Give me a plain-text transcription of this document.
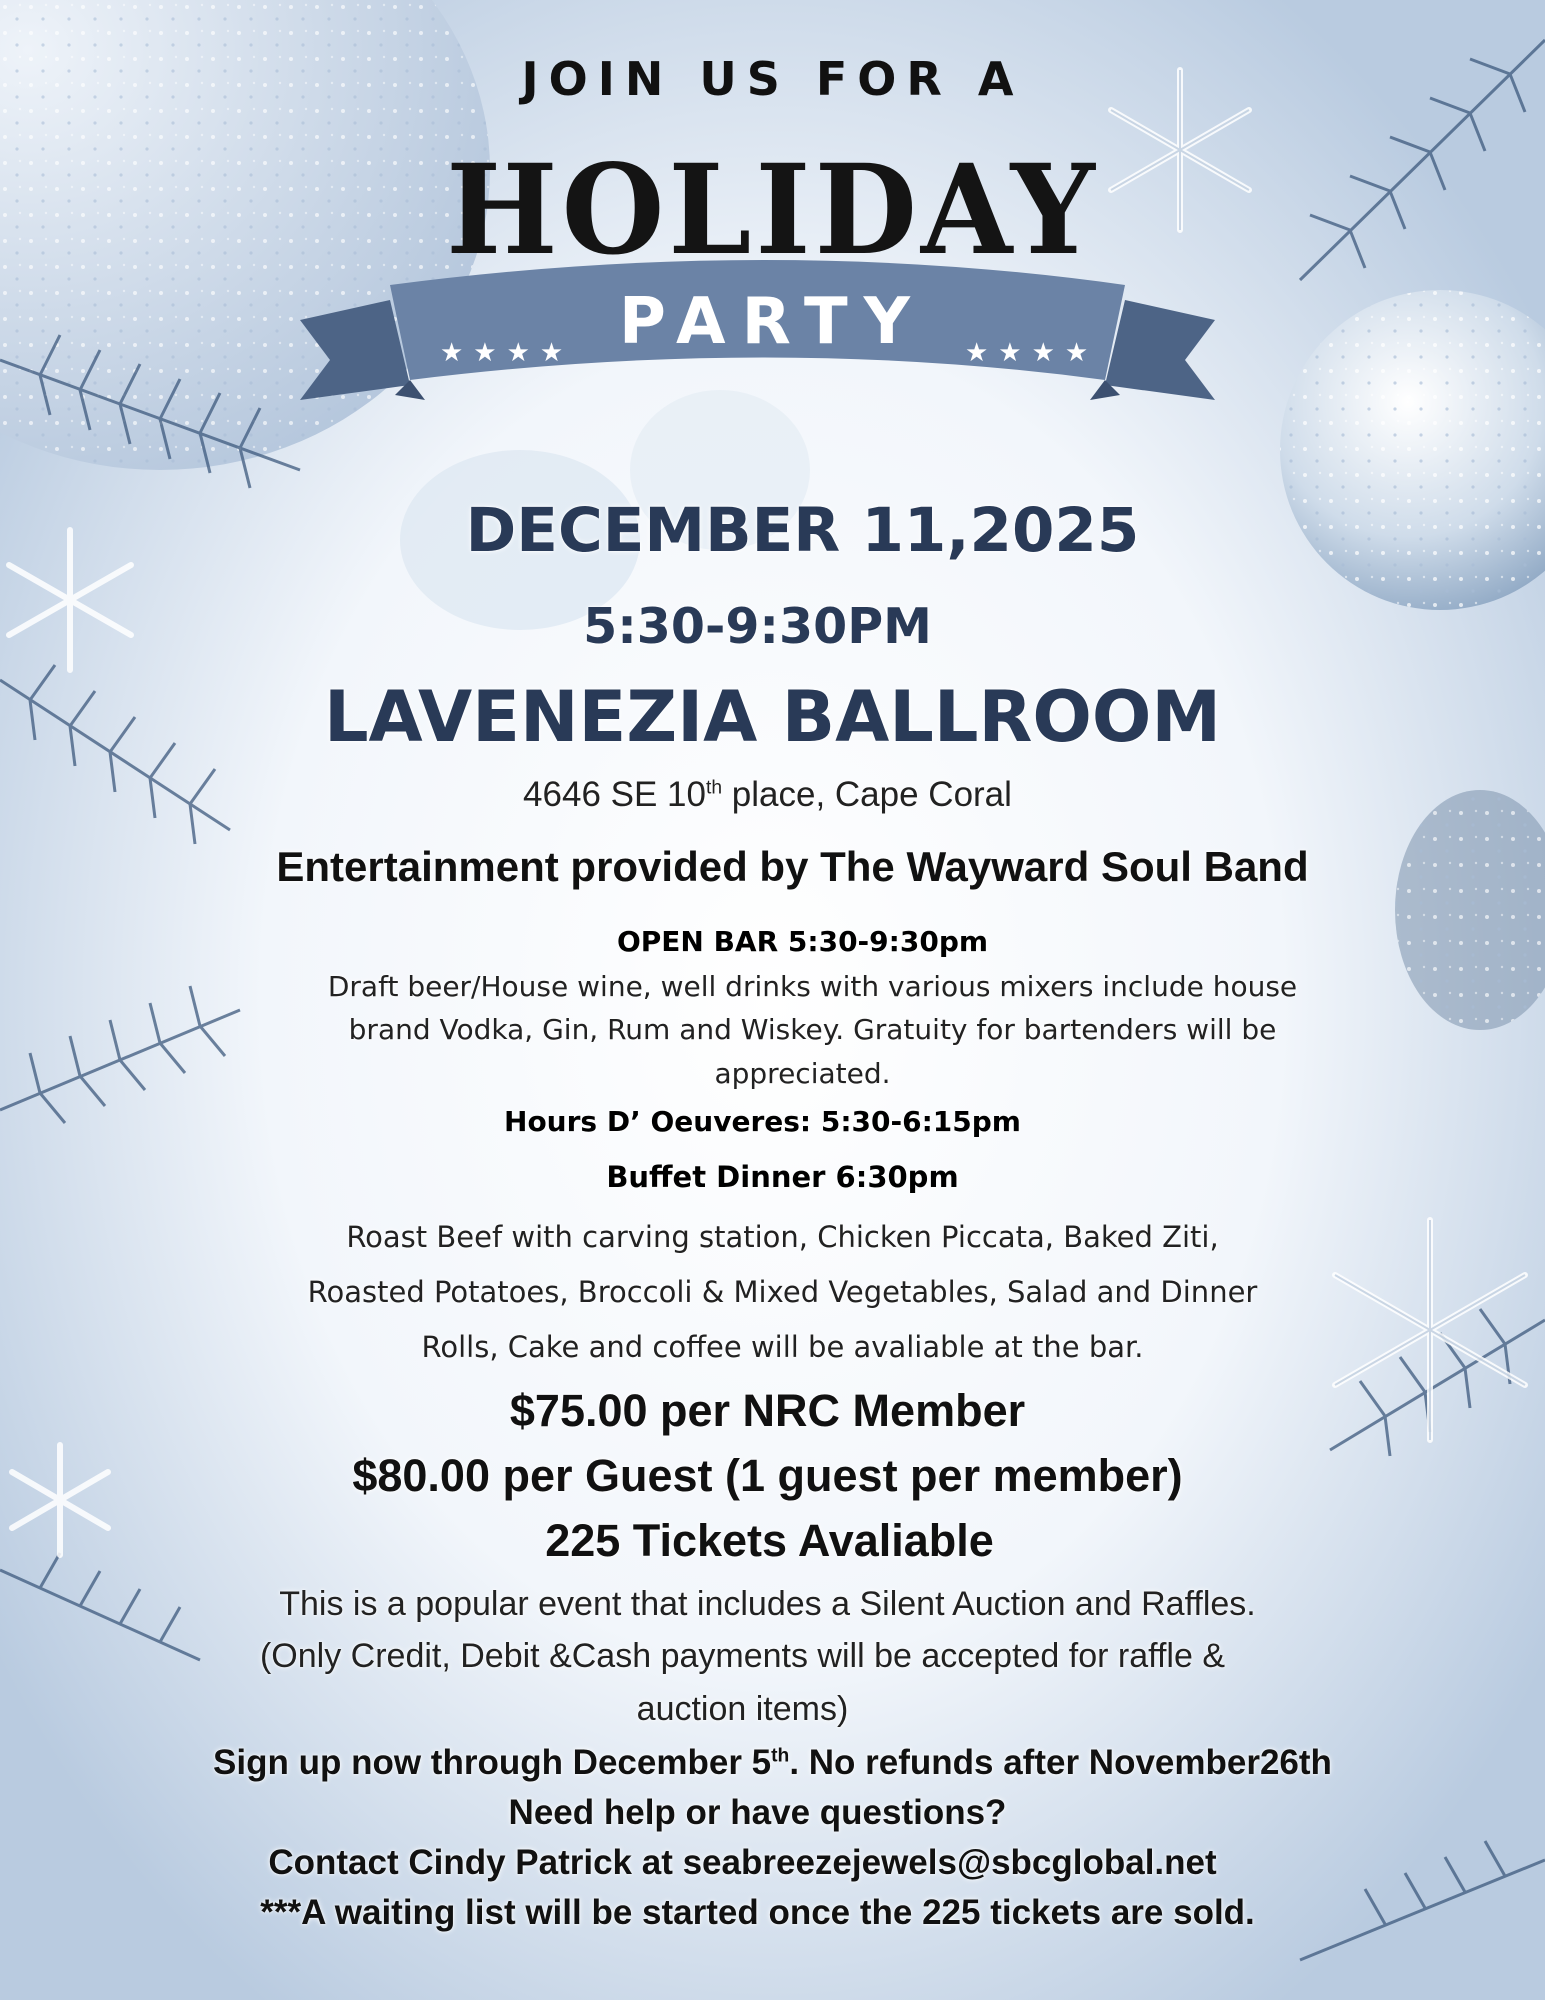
JOIN US FOR A
HOLIDAY
PARTY
★★★★	★★★★
DECEMBER 11,2025
5:30-9:30PM
LAVENEZIA BALLROOM
4646 SE 10th place, Cape Coral
Entertainment provided by The Wayward Soul Band
OPEN BAR 5:30-9:30pm
Draft beer/House wine, well drinks with various mixers include house
brand Vodka, Gin, Rum and Wiskey. Gratuity for bartenders will be
appreciated.
Hours D’ Oeuveres: 5:30-6:15pm
Buffet Dinner 6:30pm
Roast Beef with carving station, Chicken Piccata, Baked Ziti,
Roasted Potatoes, Broccoli & Mixed Vegetables, Salad and Dinner
Rolls, Cake and coffee will be avaliable at the bar.
$75.00 per NRC Member
$80.00 per Guest (1 guest per member)
225 Tickets Avaliable
This is a popular event that includes a Silent Auction and Raffles.
(Only Credit, Debit &Cash payments will be accepted for raffle &
auction items)
Sign up now through December 5th. No refunds after November26th
Need help or have questions?
Contact Cindy Patrick at seabreezejewels@sbcglobal.net
***A waiting list will be started once the 225 tickets are sold.
